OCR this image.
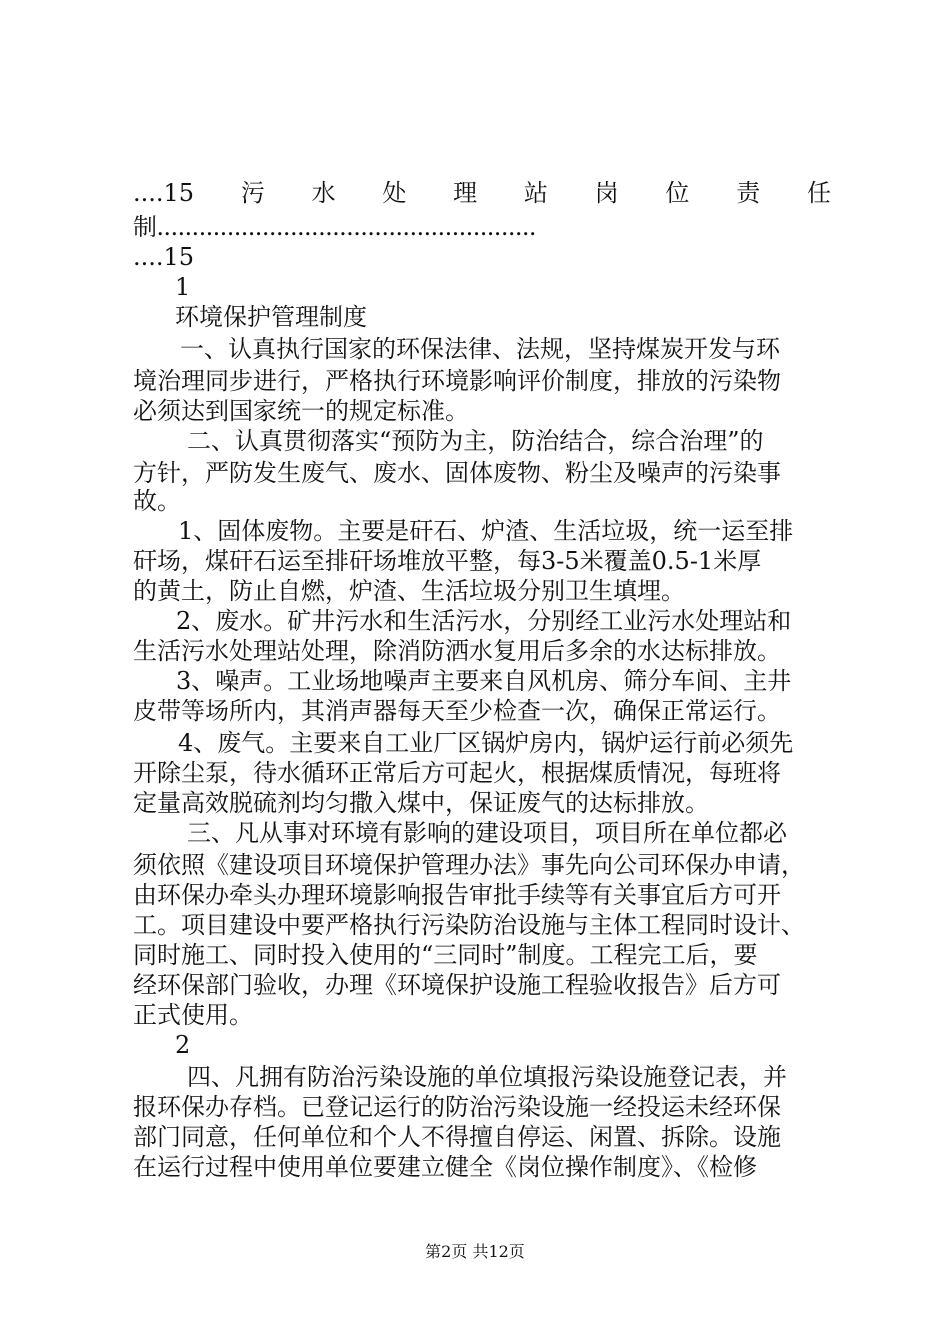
....15 污 水 处 理 站 岗 位 责 任
制......................................................
....15
1
环境保护管理制度
　一、认真执行国家的环保法律、法规，坚持煤炭开发与环
境治理同步进行，严格执行环境影响评价制度，排放的污染物
必须达到国家统一的规定标准。
　二、认真贯彻落实“预防为主，防治结合，综合治理”的
方针，严防发生废气、废水、固体废物、粉尘及噪声的污染事
故。
1、固体废物。主要是矸石、炉渣、生活垃圾，统一运至排
矸场，煤矸石运至排矸场堆放平整，每3-5米覆盖0.5-1米厚
的黄土，防止自燃，炉渣、生活垃圾分别卫生填埋。
2、废水。矿井污水和生活污水，分别经工业污水处理站和
生活污水处理站处理，除消防洒水复用后多余的水达标排放。
3、噪声。工业场地噪声主要来自风机房、筛分车间、主井
皮带等场所内，其消声器每天至少检查一次，确保正常运行。
4、废气。主要来自工业厂区锅炉房内，锅炉运行前必须先
开除尘泵，待水循环正常后方可起火，根据煤质情况，每班将
定量高效脱硫剂均匀撒入煤中，保证废气的达标排放。
　三、凡从事对环境有影响的建设项目，项目所在单位都必
须依照《建设项目环境保护管理办法》事先向公司环保办申请，
由环保办牵头办理环境影响报告审批手续等有关事宜后方可开
工。项目建设中要严格执行污染防治设施与主体工程同时设计、
同时施工、同时投入使用的“三同时”制度。工程完工后，要
经环保部门验收，办理《环境保护设施工程验收报告》后方可
正式使用。
2
　四、凡拥有防治污染设施的单位填报污染设施登记表，并
报环保办存档。已登记运行的防治污染设施一经投运未经环保
部门同意，任何单位和个人不得擅自停运、闲置、拆除。设施
在运行过程中使用单位要建立健全《岗位操作制度》、《检修
第2页 共12页
